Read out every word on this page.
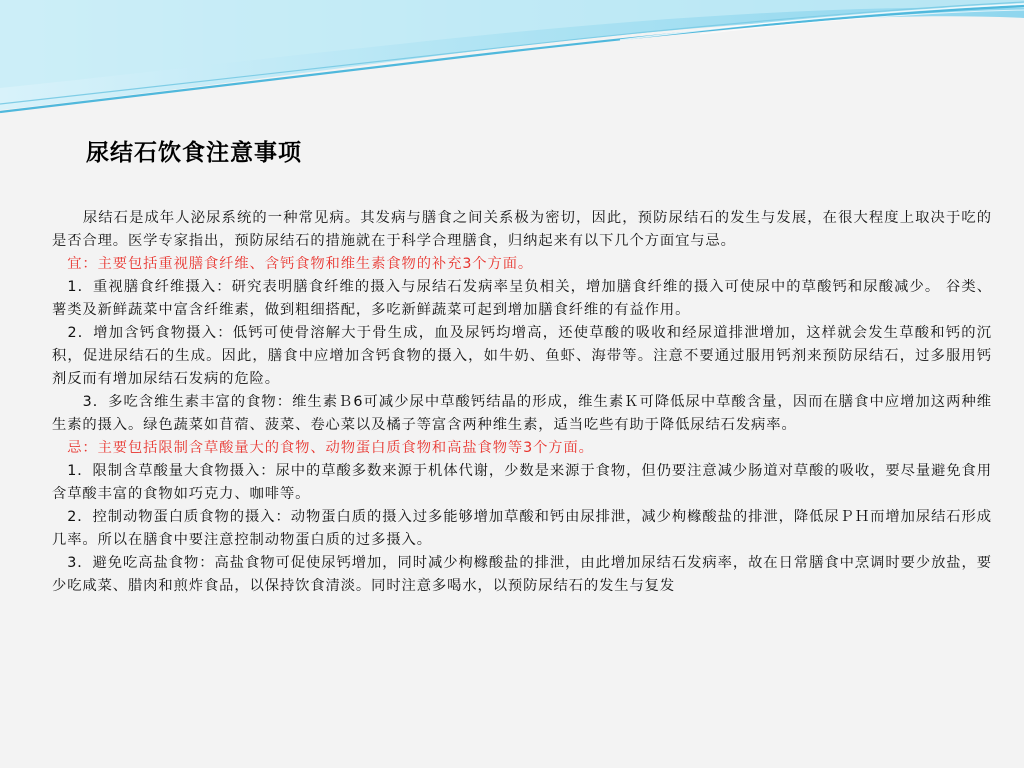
尿结石饮食注意事项

　　尿结石是成年人泌尿系统的一种常见病。其发病与膳食之间关系极为密切，因此，预防尿结石的发生与发展，在很大程度上取决于吃的是否合理。医学专家指出，预防尿结石的措施就在于科学合理膳食，归纳起来有以下几个方面宜与忌。

　宜：主要包括重视膳食纤维、含钙食物和维生素食物的补充3个方面。

　1．重视膳食纤维摄入：研究表明膳食纤维的摄入与尿结石发病率呈负相关，增加膳食纤维的摄入可使尿中的草酸钙和尿酸减少。 谷类、薯类及新鲜蔬菜中富含纤维素，做到粗细搭配，多吃新鲜蔬菜可起到增加膳食纤维的有益作用。

　2．增加含钙食物摄入：低钙可使骨溶解大于骨生成，血及尿钙均增高，还使草酸的吸收和经尿道排泄增加，这样就会发生草酸和钙的沉积，促进尿结石的生成。因此，膳食中应增加含钙食物的摄入，如牛奶、鱼虾、海带等。注意不要通过服用钙剂来预防尿结石，过多服用钙剂反而有增加尿结石发病的危险。

　　3．多吃含维生素丰富的食物：维生素Ｂ6可减少尿中草酸钙结晶的形成，维生素Ｋ可降低尿中草酸含量，因而在膳食中应增加这两种维生素的摄入。绿色蔬菜如苜蓿、菠菜、卷心菜以及橘子等富含两种维生素，适当吃些有助于降低尿结石发病率。

　忌：主要包括限制含草酸量大的食物、动物蛋白质食物和高盐食物等3个方面。

　1．限制含草酸量大食物摄入：尿中的草酸多数来源于机体代谢，少数是来源于食物，但仍要注意减少肠道对草酸的吸收，要尽量避免食用含草酸丰富的食物如巧克力、咖啡等。

　2．控制动物蛋白质食物的摄入：动物蛋白质的摄入过多能够增加草酸和钙由尿排泄，减少枸橼酸盐的排泄，降低尿ＰＨ而增加尿结石形成几率。所以在膳食中要注意控制动物蛋白质的过多摄入。

　3．避免吃高盐食物：高盐食物可促使尿钙增加，同时减少枸橼酸盐的排泄，由此增加尿结石发病率，故在日常膳食中烹调时要少放盐，要少吃咸菜、腊肉和煎炸食品，以保持饮食清淡。同时注意多喝水，以预防尿结石的发生与复发
